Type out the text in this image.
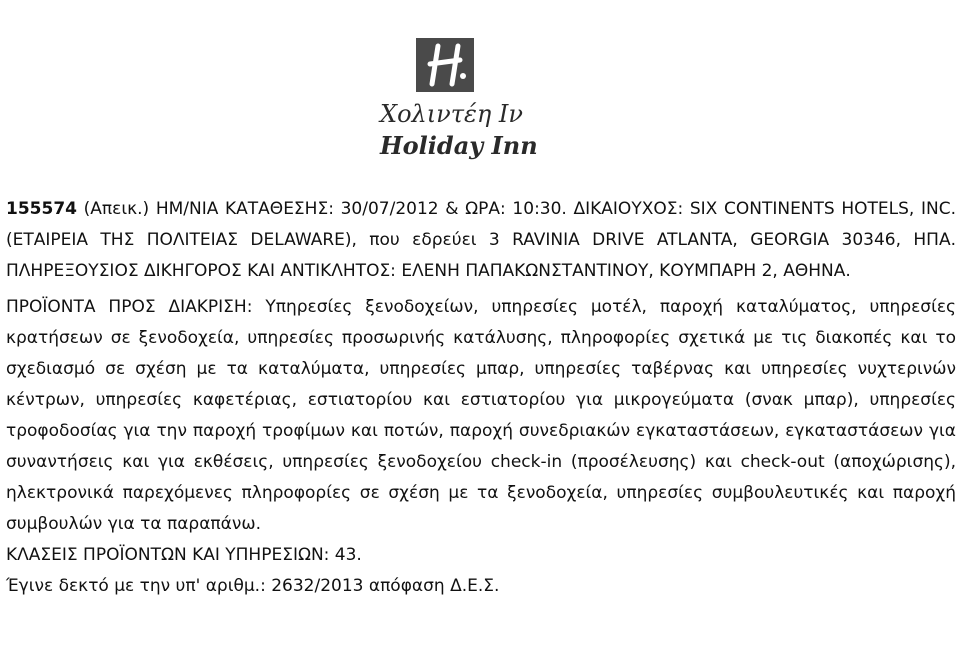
Χολιντέη Ιν
Holiday Inn

155574 (Απεικ.) ΗΜ/ΝΙΑ ΚΑΤΑΘΕΣΗΣ: 30/07/2012 & ΩΡΑ: 10:30. ΔΙΚΑΙΟΥΧΟΣ: SIX CONTINENTS HOTELS, INC. (ΕΤΑΙΡΕΙΑ ΤΗΣ ΠΟΛΙΤΕΙΑΣ DELAWARE), που εδρεύει 3 RAVINIA DRIVE ATLANTA, GEORGIA 30346, ΗΠΑ. ΠΛΗΡΕΞΟΥΣΙΟΣ ΔΙΚΗΓΟΡΟΣ ΚΑΙ ΑΝΤΙΚΛΗΤΟΣ: ΕΛΕΝΗ ΠΑΠΑΚΩΝΣΤΑΝΤΙΝΟΥ, ΚΟΥΜΠΑΡΗ 2, ΑΘΗΝΑ.

ΠΡΟΪΟΝΤΑ ΠΡΟΣ ΔΙΑΚΡΙΣΗ: Υπηρεσίες ξενοδοχείων, υπηρεσίες μοτέλ, παροχή καταλύματος, υπηρεσίες κρατήσεων σε ξενοδοχεία, υπηρεσίες προσωρινής κατάλυσης, πληροφορίες σχετικά με τις διακοπές και το σχεδιασμό σε σχέση με τα καταλύματα, υπηρεσίες μπαρ, υπηρεσίες ταβέρνας και υπηρεσίες νυχτερινών κέντρων, υπηρεσίες καφετέριας, εστιατορίου και εστιατορίου για μικρογεύματα (σνακ μπαρ), υπηρεσίες τροφοδοσίας για την παροχή τροφίμων και ποτών, παροχή συνεδριακών εγκαταστάσεων, εγκαταστάσεων για συναντήσεις και για εκθέσεις, υπηρεσίες ξενοδοχείου check-in (προσέλευσης) και check-out (αποχώρισης), ηλεκτρονικά παρεχόμενες πληροφορίες σε σχέση με τα ξενοδοχεία, υπηρεσίες συμβουλευτικές και παροχή συμβουλών για τα παραπάνω.

ΚΛΑΣΕΙΣ ΠΡΟΪΟΝΤΩΝ ΚΑΙ ΥΠΗΡΕΣΙΩΝ: 43.

Έγινε δεκτό με την υπ' αριθμ.: 2632/2013 απόφαση Δ.Ε.Σ.
